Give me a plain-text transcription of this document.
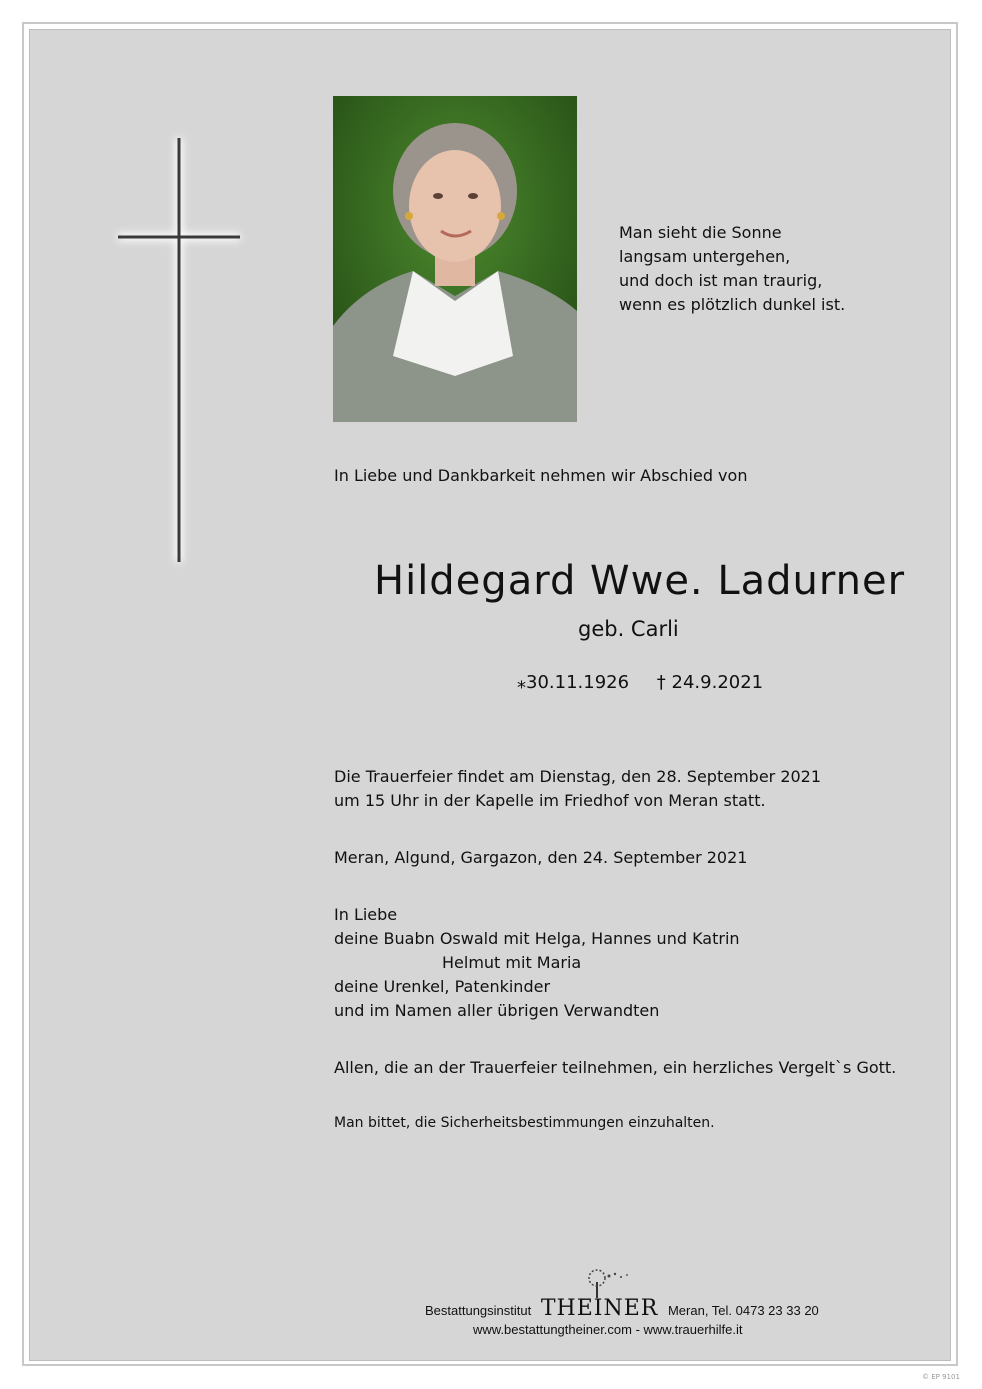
Man sieht die Sonne
langsam untergehen,
und doch ist man traurig,
wenn es plötzlich dunkel ist.
In Liebe und Dankbarkeit nehmen wir Abschied von
Hildegard Wwe. Ladurner
geb. Carli
⁎30.11.1926 † 24.9.2021
Die Trauerfeier findet am Dienstag, den 28. September 2021
um 15 Uhr in der Kapelle im Friedhof von Meran statt.
Meran, Algund, Gargazon, den 24. September 2021
In Liebe
deine Buabn Oswald mit Helga, Hannes und Katrin
Helmut mit Maria
deine Urenkel, Patenkinder
und im Namen aller übrigen Verwandten
Allen, die an der Trauerfeier teilnehmen, ein herzliches Vergelt`s Gott.
Man bittet, die Sicherheitsbestimmungen einzuhalten.
Bestattungsinstitut THEINER Meran, Tel. 0473 23 33 20
www.bestattungtheiner.com - www.trauerhilfe.it
© EP 9101
